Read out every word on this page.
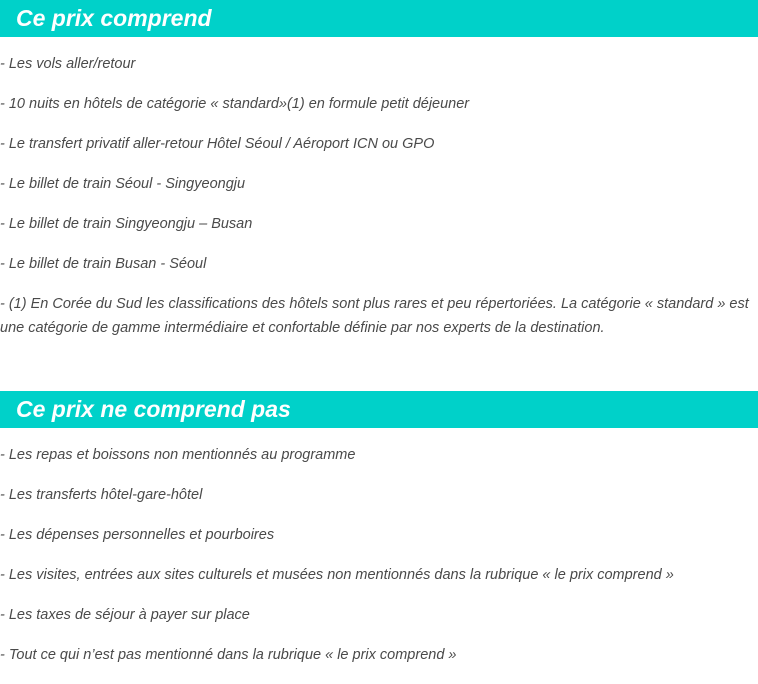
Ce prix comprend
- Les vols aller/retour
- 10 nuits en hôtels de catégorie « standard»(1) en formule petit déjeuner
- Le transfert privatif aller-retour Hôtel Séoul / Aéroport ICN ou GPO
- Le billet de train Séoul - Singyeongju
- Le billet de train Singyeongju – Busan
- Le billet de train Busan - Séoul
- (1) En Corée du Sud les classifications des hôtels sont plus rares et peu répertoriées. La catégorie « standard » est une catégorie de gamme intermédiaire et confortable définie par nos experts de la destination.
Ce prix ne comprend pas
- Les repas et boissons non mentionnés au programme
- Les transferts hôtel-gare-hôtel
- Les dépenses personnelles et pourboires
- Les visites, entrées aux sites culturels et musées non mentionnés dans la rubrique « le prix comprend »
- Les taxes de séjour à payer sur place
- Tout ce qui n’est pas mentionné dans la rubrique « le prix comprend »
